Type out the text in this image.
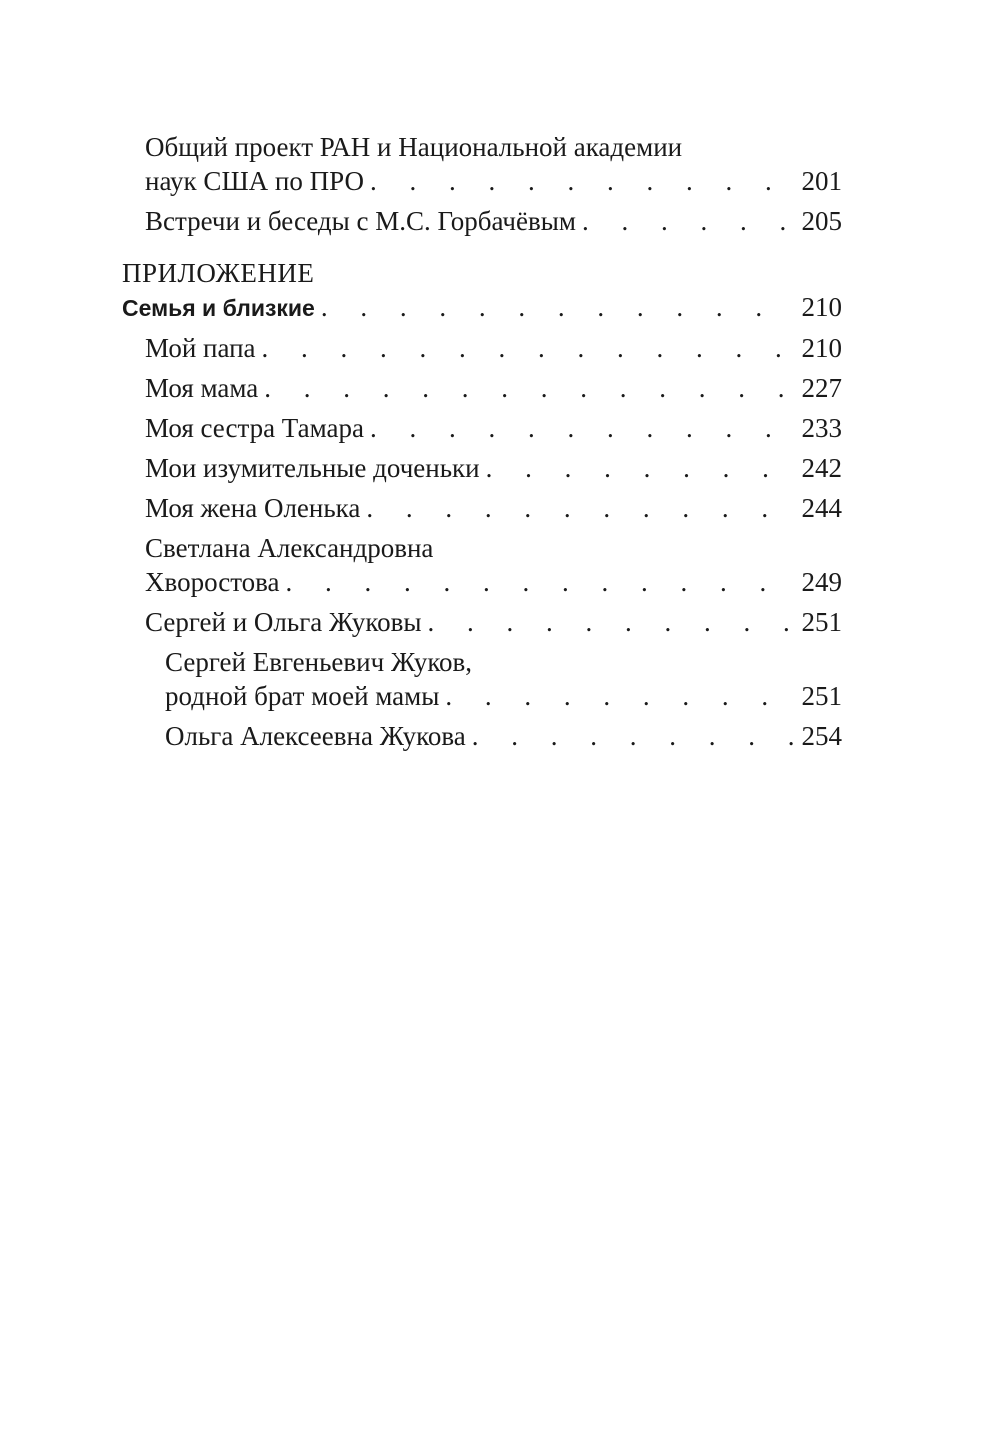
Общий проект РАН и Национальной академии
наук США по ПРО . . .	201
Встречи и беседы с М.С. Горбачёвым . . .	205
ПРИЛОЖЕНИЕ
Семья и близкие . . .	210
Мой папа . . .	210
Моя мама . . .	227
Моя сестра Тамара . . .	233
Мои изумительные доченьки . . .	242
Моя жена Оленька . . .	244
Светлана Александровна
Хворостова . . .	249
Сергей и Ольга Жуковы . . .	251
Сергей Евгеньевич Жуков,
родной брат моей мамы . . .	251
Ольга Алексеевна Жукова . . .	254
